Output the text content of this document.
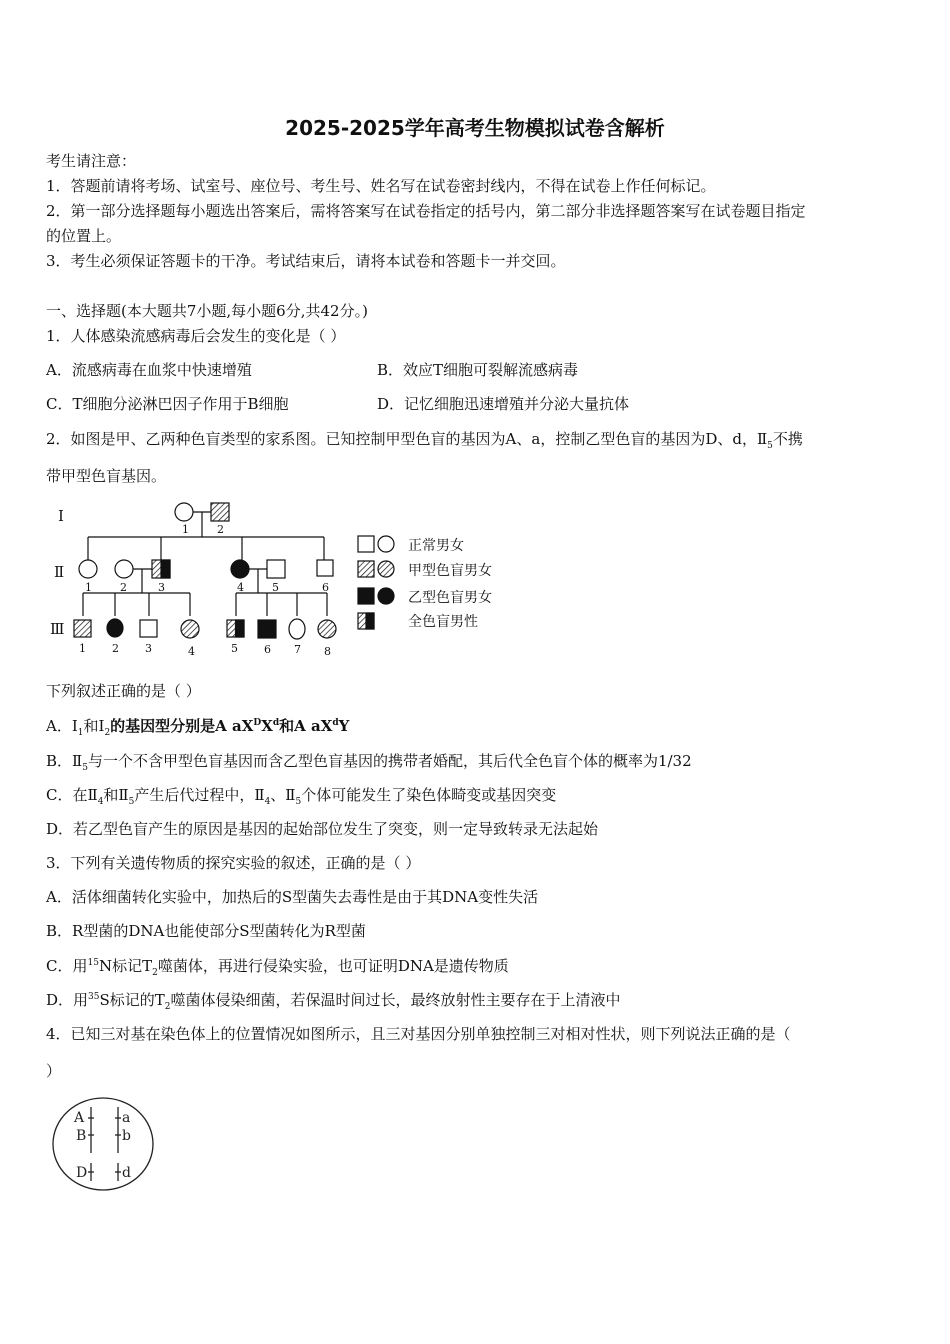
2025-2025学年高考生物模拟试卷含解析
考生请注意：
1．答题前请将考场、试室号、座位号、考生号、姓名写在试卷密封线内，不得在试卷上作任何标记。
2．第一部分选择题每小题选出答案后，需将答案写在试卷指定的括号内，第二部分非选择题答案写在试卷题目指定
的位置上。
3．考生必须保证答题卡的干净。考试结束后，请将本试卷和答题卡一并交回。
一、选择题(本大题共7小题,每小题6分,共42分。)
1．人体感染流感病毒后会发生的变化是（ ）
A．流感病毒在血浆中快速增殖	B．效应T细胞可裂解流感病毒
C．T细胞分泌淋巴因子作用于B细胞	D．记忆细胞迅速增殖并分泌大量抗体
2．如图是甲、乙两种色盲类型的家系图。已知控制甲型色盲的基因为A、a，控制乙型色盲的基因为D、d，$Ⅱ_5$不携
带甲型色盲基因。
Ⅰ
Ⅱ
Ⅲ
1	2
1	2	3	4	5	6
1 2 3	4	5 6 7 8
正常男女
甲型色盲男女
乙型色盲男女
全色盲男性
下列叙述正确的是（ ）
A．$Ⅰ_1$和$Ⅰ_2$的基因型分别是A $aX^DX^d$和A $aX^dY$
B．$Ⅱ_5$与一个不含甲型色盲基因而含乙型色盲基因的携带者婚配，其后代全色盲个体的概率为1/32
C．在$Ⅱ_4$和$Ⅱ_5$产生后代过程中，$Ⅱ_4$、$Ⅱ_5$个体可能发生了染色体畸变或基因突变
D．若乙型色盲产生的原因是基因的起始部位发生了突变，则一定导致转录无法起始
3．下列有关遗传物质的探究实验的叙述，正确的是（ ）
A．活体细菌转化实验中，加热后的S型菌失去毒性是由于其DNA变性失活
B．R型菌的DNA也能使部分S型菌转化为R型菌
C．用$^{15}$N标记$T_2$噬菌体，再进行侵染实验，也可证明DNA是遗传物质
D．用$^{35}$S标记的$T_2$噬菌体侵染细菌，若保温时间过长，最终放射性主要存在于上清液中
4．已知三对基在染色体上的位置情况如图所示，且三对基因分别单独控制三对相对性状，则下列说法正确的是（
）
A
B
D
a
b
d
